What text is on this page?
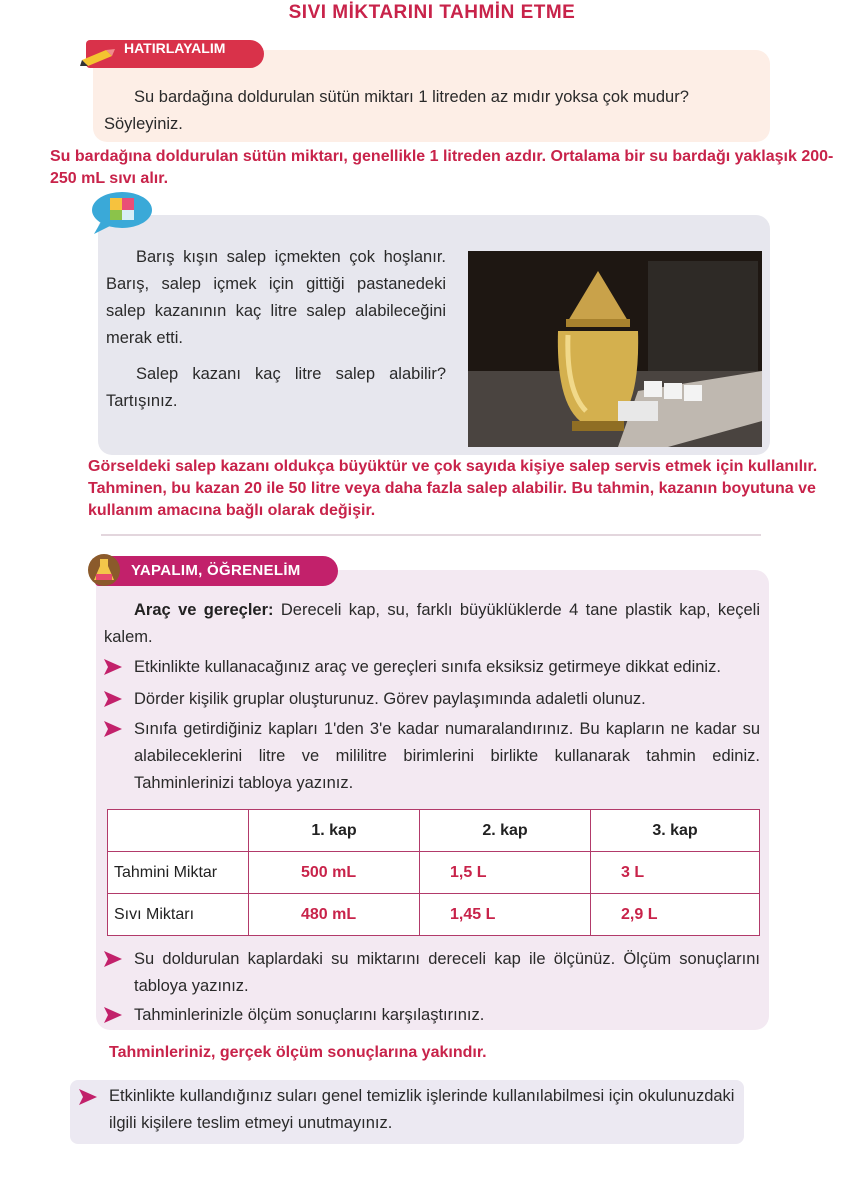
SIVI MİKTARINI TAHMİN ETME
HATIRLAYALIM
Su bardağına doldurulan sütün miktarı 1 litreden az mıdır yoksa çok mudur? Söyleyiniz.
Su bardağına doldurulan sütün miktarı, genellikle 1 litreden azdır. Ortalama bir su bardağı yaklaşık 200-250 mL sıvı alır.

Barış kışın salep içmekten çok hoşlanır. Barış, salep içmek için gittiği pastanedeki salep kazanının kaç litre salep alabileceğini merak etti.

Salep kazanı kaç litre salep alabilir? Tartışınız.

Görseldeki salep kazanı oldukça büyüktür ve çok sayıda kişiye salep servis etmek için kullanılır. Tahminen, bu kazan 20 ile 50 litre veya daha fazla salep alabilir. Bu tahmin, kazanın boyutuna ve kullanım amacına bağlı olarak değişir.
YAPALIM, ÖĞRENELİM
Araç ve gereçler: Dereceli kap, su, farklı büyüklüklerde 4 tane plastik kap, keçeli kalem.
Etkinlikte kullanacağınız araç ve gereçleri sınıfa eksiksiz getirmeye dikkat ediniz.
Dörder kişilik gruplar oluşturunuz. Görev paylaşımında adaletli olunuz.
Sınıfa getirdiğiniz kapları 1'den 3'e kadar numaralandırınız. Bu kapların ne kadar su alabileceklerini litre ve mililitre birimlerini birlikte kullanarak tahmin ediniz. Tahminlerinizi tabloya yazınız.
	1. kap	2. kap	3. kap
Tahmini Miktar	500 mL	1,5 L	3 L
Sıvı Miktarı	480 mL	1,45 L	2,9 L
Su doldurulan kaplardaki su miktarını dereceli kap ile ölçünüz. Ölçüm sonuçlarını tabloya yazınız.
Tahminlerinizle ölçüm sonuçlarını karşılaştırınız.
Tahminleriniz, gerçek ölçüm sonuçlarına yakındır.
Etkinlikte kullandığınız suları genel temizlik işlerinde kullanılabilmesi için okulunuzdaki ilgili kişilere teslim etmeyi unutmayınız.
